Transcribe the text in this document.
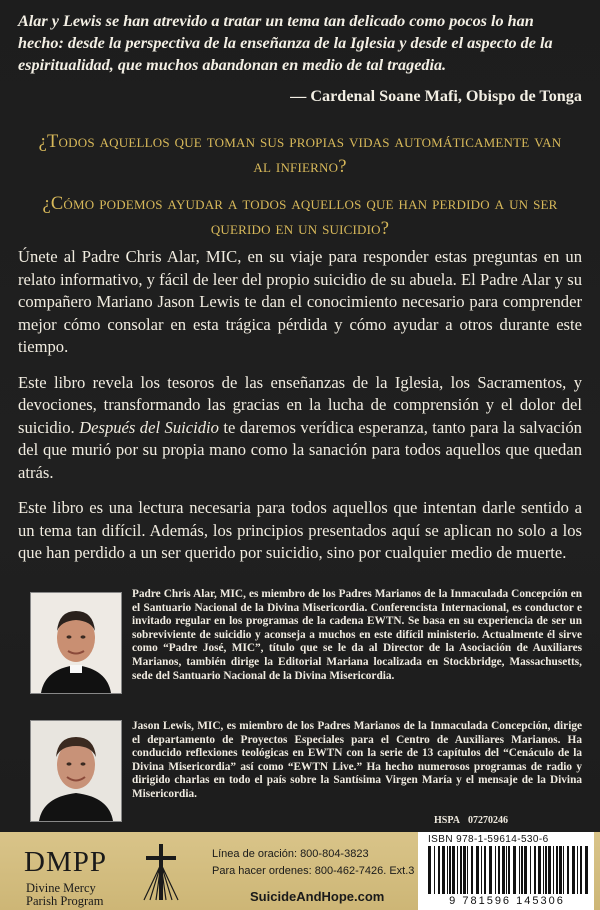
Alar y Lewis se han atrevido a tratar un tema tan delicado como pocos lo han hecho: desde la perspectiva de la enseñanza de la Iglesia y desde el aspecto de la espiritualidad, que muchos abandonan en medio de tal tragedia.
— Cardenal Soane Mafi, Obispo de Tonga

¿Todos aquellos que toman sus propias vidas automáticamente van al infierno?

¿Cómo podemos ayudar a todos aquellos que han perdido a un ser querido en un suicidio?

Únete al Padre Chris Alar, MIC, en su viaje para responder estas preguntas en un relato informativo, y fácil de leer del propio suicidio de su abuela. El Padre Alar y su compañero Mariano Jason Lewis te dan el conocimiento necesario para comprender mejor cómo consolar en esta trágica pérdida y cómo ayudar a otros durante este tiempo.

Este libro revela los tesoros de las enseñanzas de la Iglesia, los Sacramentos, y devociones, transformando las gracias en la lucha de comprensión y el dolor del suicidio. Después del Suicidio te daremos verídica esperanza, tanto para la salvación del que murió por su propia mano como la sanación para todos aquellos que quedan atrás.

Este libro es una lectura necesaria para todos aquellos que intentan darle sentido a un tema tan difícil. Además, los principios presentados aquí se aplican no solo a los que han perdido a un ser querido por suicidio, sino por cualquier medio de muerte.

Padre Chris Alar, MIC, es miembro de los Padres Marianos de la Inmaculada Concepción en el Santuario Nacional de la Divina Misericordia. Conferencista Internacional, es conductor e invitado regular en los programas de la cadena EWTN. Se basa en su experiencia de ser un sobreviviente de suicidio y aconseja a muchos en este difícil ministerio. Actualmente él sirve como “Padre José, MIC”, título que se le da al Director de la Asociación de Auxiliares Marianos, también dirige la Editorial Mariana localizada en Stockbridge, Massachusetts, sede del Santuario Nacional de la Divina Misericordia.
Jason Lewis, MIC, es miembro de los Padres Marianos de la Inmaculada Concepción, dirige el departamento de Proyectos Especiales para el Centro de Auxiliares Marianos. Ha conducido reflexiones teológicas en EWTN con la serie de 13 capítulos del “Cenáculo de la Divina Misericordia” así como “EWTN Live.” Ha hecho numerosos programas de radio y dirigido charlas en todo el país sobre la Santísima Virgen María y el mensaje de la Divina Misericordia.
HSPA 07270246
DMPP
Divine Mercy
Parish Program
Línea de oración: 800-804-3823
Para hacer ordenes: 800-462-7426. Ext.3
SuicideAndHope.com
ISBN 978-1-59614-530-6
9 781596 145306
